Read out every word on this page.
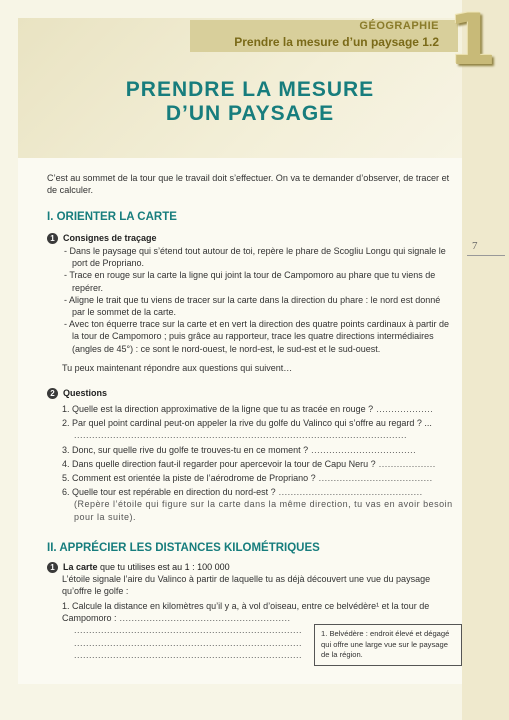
GÉOGRAPHIE
Prendre la mesure d’un paysage 1.2 1
PRENDRE LA MESURE
D’UN PAYSAGE
7
C’est au sommet de la tour que le travail doit s’effectuer. On va te demander d’observer, de tracer et de calculer.
I. ORIENTER LA CARTE
1 Consignes de traçage

- Dans le paysage qui s’étend tout autour de toi, repère le phare de Scogliu Longu qui signale le port de Propriano.

- Trace en rouge sur la carte la ligne qui joint la tour de Campomoro au phare que tu viens de repérer.

- Aligne le trait que tu viens de tracer sur la carte dans la direction du phare : le nord est donné par le sommet de la carte.

- Avec ton équerre trace sur la carte et en vert la direction des quatre points cardinaux à partir de la tour de Campomoro ; puis grâce au rapporteur, trace les quatre directions intermédiaires (angles de 45°) : ce sont le nord-ouest, le nord-est, le sud-est et le sud-ouest.

Tu peux maintenant répondre aux questions qui suivent…
2 Questions

1. Quelle est la direction approximative de la ligne que tu as tracée en rouge ? ...................

2. Par quel point cardinal peut-on appeler la rive du golfe du Valinco qui s’offre au regard ? ... ...............................................................................................................

3. Donc, sur quelle rive du golfe te trouves-tu en ce moment ? ...................................

4. Dans quelle direction faut-il regarder pour apercevoir la tour de Capu Neru ? ...................

5. Comment est orientée la piste de l’aérodrome de Propriano ? ......................................

6. Quelle tour est repérable en direction du nord-est ? ................................................ (Repère l’étoile qui figure sur la carte dans la même direction, tu vas en avoir besoin pour la suite).

II. APPRÉCIER LES DISTANCES KILOMÉTRIQUES
1 La carte que tu utilises est au 1 : 100 000
L’étoile signale l’aire du Valinco à partir de laquelle tu as déjà découvert une vue du paysage qu’offre le golfe :
1. Calcule la distance en kilomètres qu’il y a, à vol d’oiseau, entre ce belvédère¹ et la tour de Campomoro : .........................................................
............................................................................
............................................................................
............................................................................
1. Belvédère : endroit élevé et dégagé qui offre une large vue sur le paysage de la région.
